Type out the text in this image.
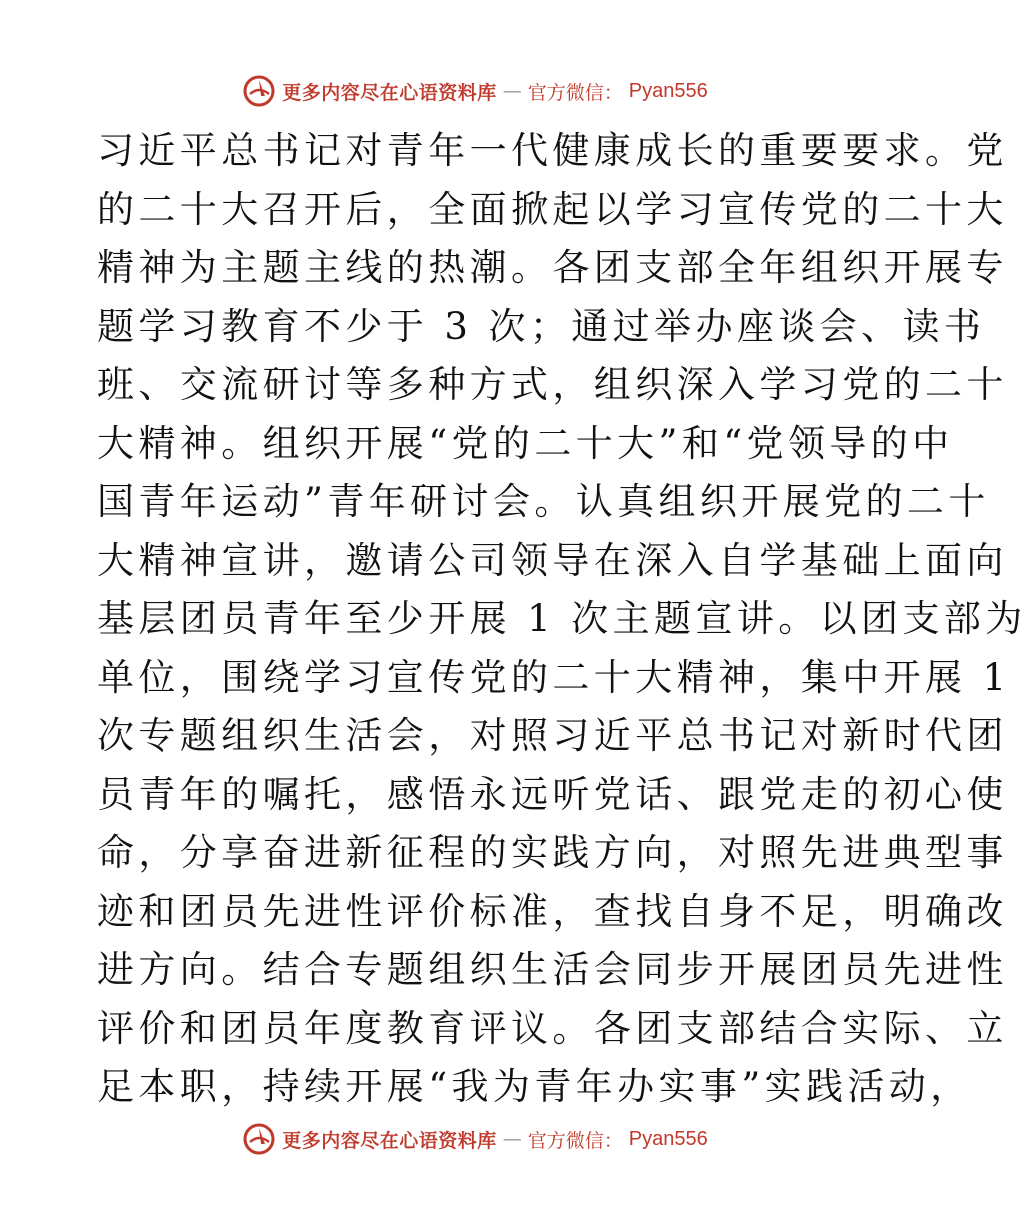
更多内容尽在心语资料库 — 官方微信： Pyan556
习近平总书记对青年一代健康成长的重要要求。党
的二十大召开后，全面掀起以学习宣传党的二十大
精神为主题主线的热潮。各团支部全年组织开展专
题学习教育不少于 3 次；通过举办座谈会、读书
班、交流研讨等多种方式，组织深入学习党的二十
大精神。组织开展“党的二十大”和“党领导的中
国青年运动”青年研讨会。认真组织开展党的二十
大精神宣讲，邀请公司领导在深入自学基础上面向
基层团员青年至少开展 1 次主题宣讲。以团支部为
单位，围绕学习宣传党的二十大精神，集中开展 1
次专题组织生活会，对照习近平总书记对新时代团
员青年的嘱托，感悟永远听党话、跟党走的初心使
命，分享奋进新征程的实践方向，对照先进典型事
迹和团员先进性评价标准，查找自身不足，明确改
进方向。结合专题组织生活会同步开展团员先进性
评价和团员年度教育评议。各团支部结合实际、立
足本职，持续开展“我为青年办实事”实践活动，
更多内容尽在心语资料库 — 官方微信： Pyan556
